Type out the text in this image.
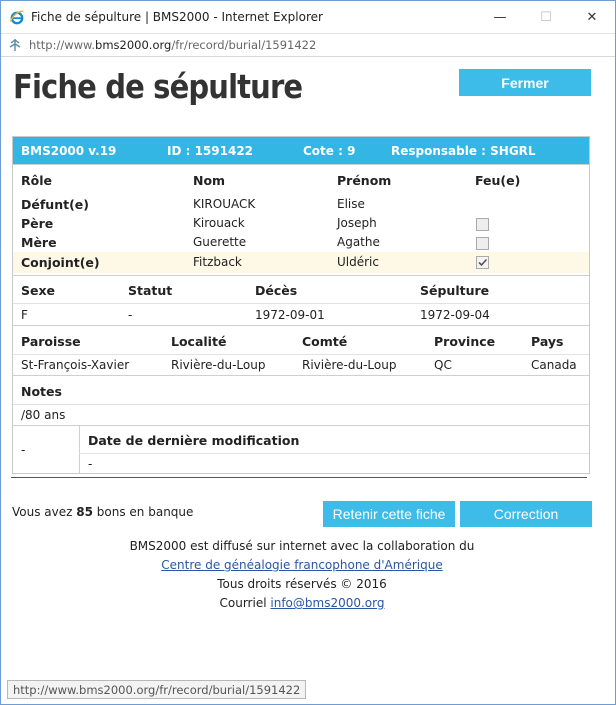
Fiche de sépulture | BMS2000 - Internet Explorer	—	☐	✕
http://www.bms2000.org/fr/record/burial/1591422
Fiche de sépulture	Fermer
BMS2000 v.19	ID : 1591422	Cote : 9	Responsable : SHGRL
Rôle	Nom	Prénom	Feu(e)
Défunt(e)	KIROUACK	Elise
Père	Kirouack	Joseph
Mère	Guerette	Agathe
Conjoint(e)	Fitzback	Uldéric
Sexe	Statut	Décès	Sépulture
F	-	1972-09-01	1972-09-04
Paroisse	Localité	Comté	Province	Pays
St-François-Xavier	Rivière-du-Loup	Rivière-du-Loup	QC	Canada
Notes
/80 ans
-
Date de dernière modification
-
Vous avez 85 bons en banque	Retenir cette fiche	Correction
BMS2000 est diffusé sur internet avec la collaboration du
Centre de généalogie francophone d'Amérique
Tous droits réservés © 2016
Courriel info@bms2000.org
http://www.bms2000.org/fr/record/burial/1591422
